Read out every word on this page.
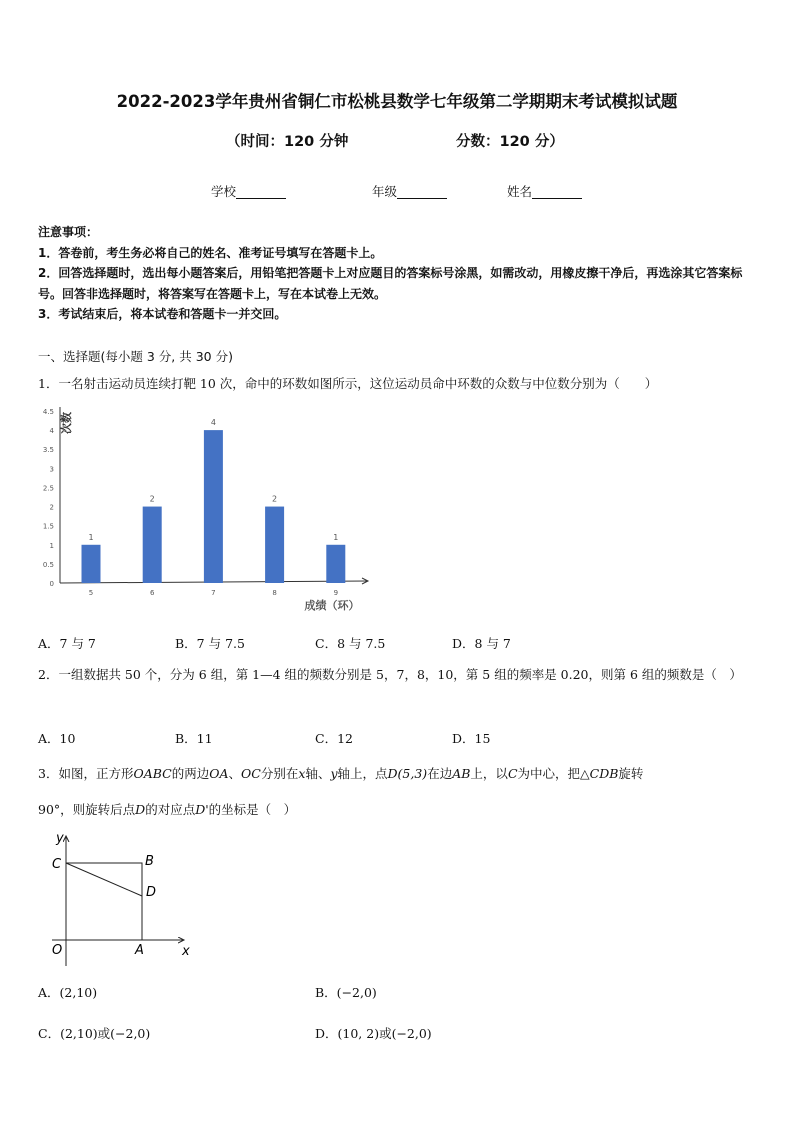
2022-2023学年贵州省铜仁市松桃县数学七年级第二学期期末考试模拟试题
（时间：120 分钟	分数：120 分）
学校	年级	姓名

注意事项：

1．答卷前，考生务必将自己的姓名、准考证号填写在答题卡上。

2．回答选择题时，选出每小题答案后，用铅笔把答题卡上对应题目的答案标号涂黑，如需改动，用橡皮擦干净后，再选涂其它答案标号。回答非选择题时，将答案写在答题卡上，写在本试卷上无效。

3．考试结束后，将本试卷和答题卡一并交回。

一、选择题(每小题 3 分, 共 30 分)
1．一名射击运动员连续打靶 10 次，命中的环数如图所示，这位运动员命中环数的众数与中位数分别为（　　）
0
0.5
1
1.5
2
2.5
3
3.5
4
4.5 次数
1
5
2
6
4
7
2
8
1
9
成绩（环）
A．7 与 7	B．7 与 7.5	C．8 与 7.5	D．8 与 7
2．一组数据共 50 个，分为 6 组，第 1—4 组的频数分别是 5，7，8，10，第 5 组的频率是 0.20，则第 6 组的频数是（　）
A．10	B．11	C．12	D．15
3．如图，正方形OABC的两边OA、OC分别在x轴、y轴上，点D(5,3)在边AB上，以C为中心，把△CDB旋转
90°，则旋转后点D的对应点D'的坐标是（　）
y
x
C	B
D
O	A
A．(2,10)	B．(−2,0)
C．(2,10)或(−2,0)	D．(10, 2)或(−2,0)
